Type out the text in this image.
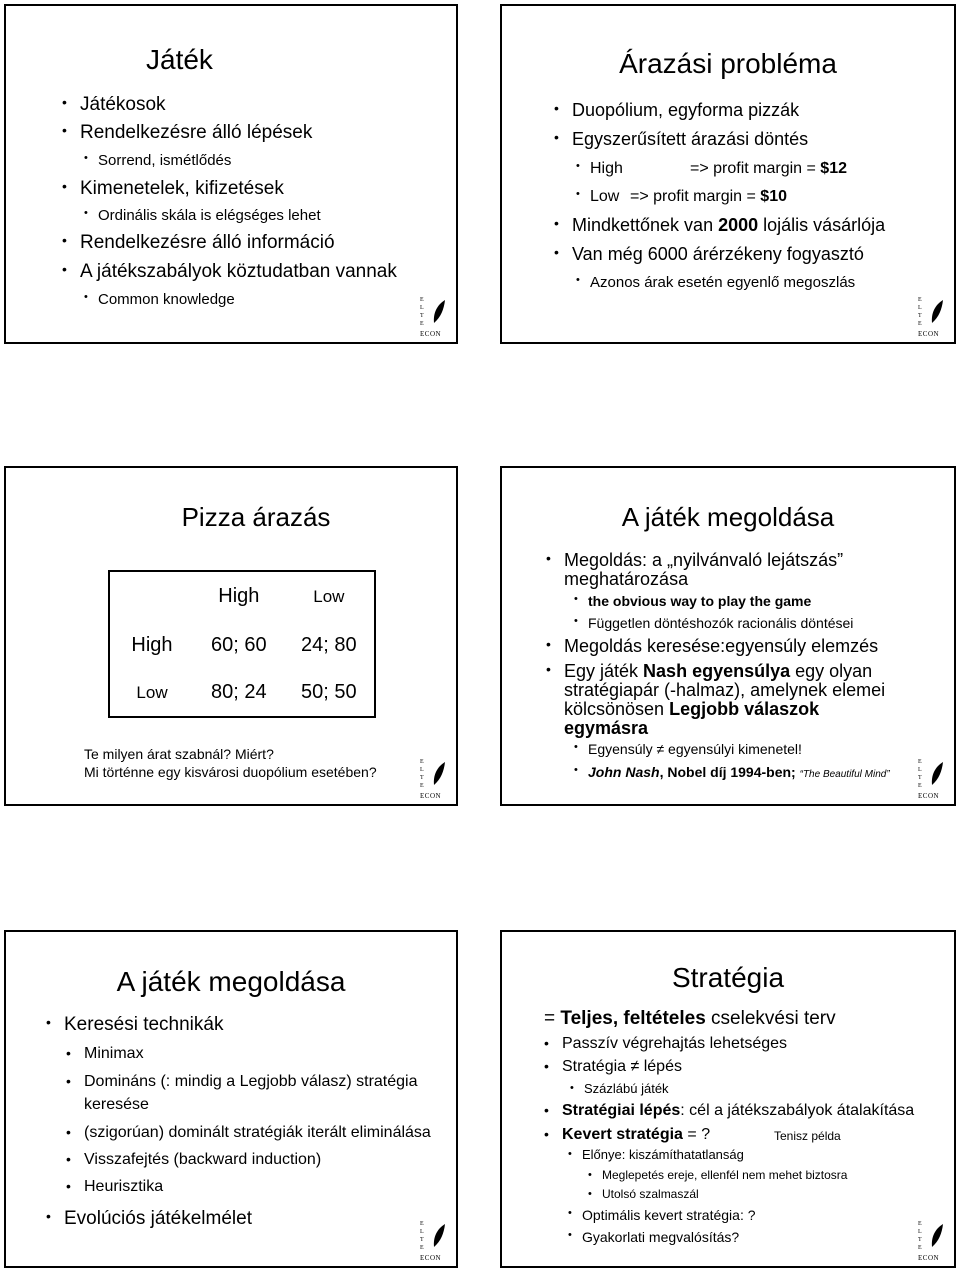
Játék
• Játékosok
• Rendelkezésre álló lépések
• Sorrend, ismétlődés
• Kimenetelek, kifizetések
• Ordinális skála is elégséges lehet
• Rendelkezésre álló információ
• A játékszabályok köztudatban vannak
• Common knowledge	E
L
T
E
ECON
Árazási probléma
• Duopólium, egyforma pizzák
• Egyszerűsített árazási döntés
• High	=> profit margin = $12
• Low => profit margin = $10
• Mindkettőnek van 2000 lojális vásárlója
• Van még 6000 árérzékeny fogyasztó
• Azonos árak esetén egyenlő megoszlás
E
L
T
E
ECON
Pizza árazás
	High	Low
High	60; 60	24; 80
Low	80; 24	50; 50
Te milyen árat szabnál? Miért?
Mi történne egy kisvárosi duopólium esetében?
E
L
T
E
ECON
A játék megoldása
• Megoldás: a „nyilvánvaló lejátszás”
meghatározása
• the obvious way to play the game
• Független döntéshozók racionális döntései
• Megoldás keresése:egyensúly elemzés
• Egy játék Nash egyensúlya egy olyan
stratégiapár (-halmaz), amelynek elemei
kölcsönösen Legjobb válaszok
egymásra
• Egyensúly ≠ egyensúlyi kimenetel!
• John Nash, Nobel díj 1994-ben; “The Beautiful Mind”
E
L
T
E
ECON
A játék megoldása
• Keresési technikák
• Minimax
• Domináns (: mindig a Legjobb válasz) stratégia
keresése
• (szigorúan) dominált stratégiák iterált eliminálása
• Visszafejtés (backward induction)
• Heurisztika
• Evolúciós játékelmélet	E
L
T
E
ECON
Stratégia
= Teljes, feltételes cselekvési terv
• Passzív végrehajtás lehetséges
• Stratégia ≠ lépés
• Százlábú játék
• Stratégiai lépés: cél a játékszabályok átalakítása
• Kevert stratégia = ?	Tenisz példa
• Előnye: kiszámíthatatlanság
• Meglepetés ereje, ellenfél nem mehet biztosra
• Utolsó szalmaszál
• Optimális kevert stratégia: ?
• Gyakorlati megvalósítás?
E
L
T
E
ECON
